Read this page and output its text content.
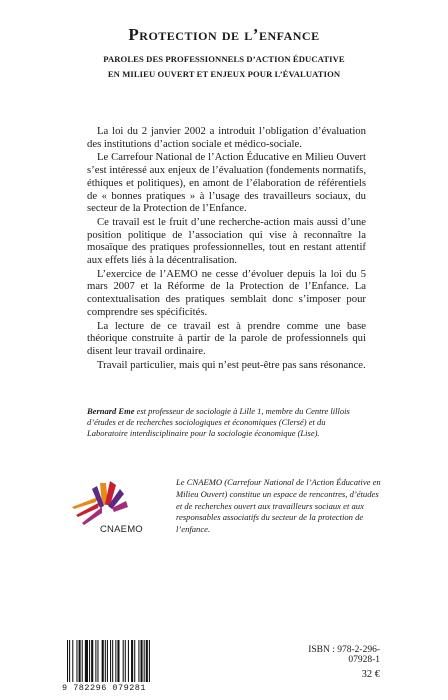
Protection de l’enfance
PAROLES DES PROFESSIONNELS D’ACTION ÉDUCATIVE
EN MILIEU OUVERT ET ENJEUX POUR L’ÉVALUATION

La loi du 2 janvier 2002 a introduit l’obligation d’évaluation des institutions d’action sociale et médico-sociale.

Le Carrefour National de l’Action Éducative en Milieu Ouvert s’est intéressé aux enjeux de l’évaluation (fondements normatifs, éthiques et politiques), en amont de l’élaboration de référentiels de « bonnes pratiques » à l’usage des travailleurs sociaux, du secteur de la Protection de l’Enfance.

Ce travail est le fruit d’une recherche-action mais aussi d’une position politique de l’association qui vise à reconnaître la mosaïque des pratiques professionnelles, tout en restant attentif aux effets liés à la décentralisation.

L’exercice de l’AEMO ne cesse d’évoluer depuis la loi du 5 mars 2007 et la Réforme de la Protection de l’Enfance. La contextualisation des pratiques semblait donc s’imposer pour comprendre ses spécificités.

La lecture de ce travail est à prendre comme une base théorique construite à partir de la parole de professionnels qui disent leur travail ordinaire.

Travail particulier, mais qui n’est peut-être pas sans résonance.

Bernard Eme est professeur de sociologie à Lille 1, membre du Centre lillois d’études et de recherches sociologiques et économiques (Clersé) et du Laboratoire interdisciplinaire pour la sociologie économique (Lise).
CNAEMO
Le CNAEMO (Carrefour National de l’Action Éducative en Milieu Ouvert) constitue un espace de rencontres, d’études et de recherches ouvert aux travailleurs sociaux et aux responsables associatifs du secteur de la protection de l’enfance.
9 782296 079281
ISBN : 978-2-296-07928-1
32 €
